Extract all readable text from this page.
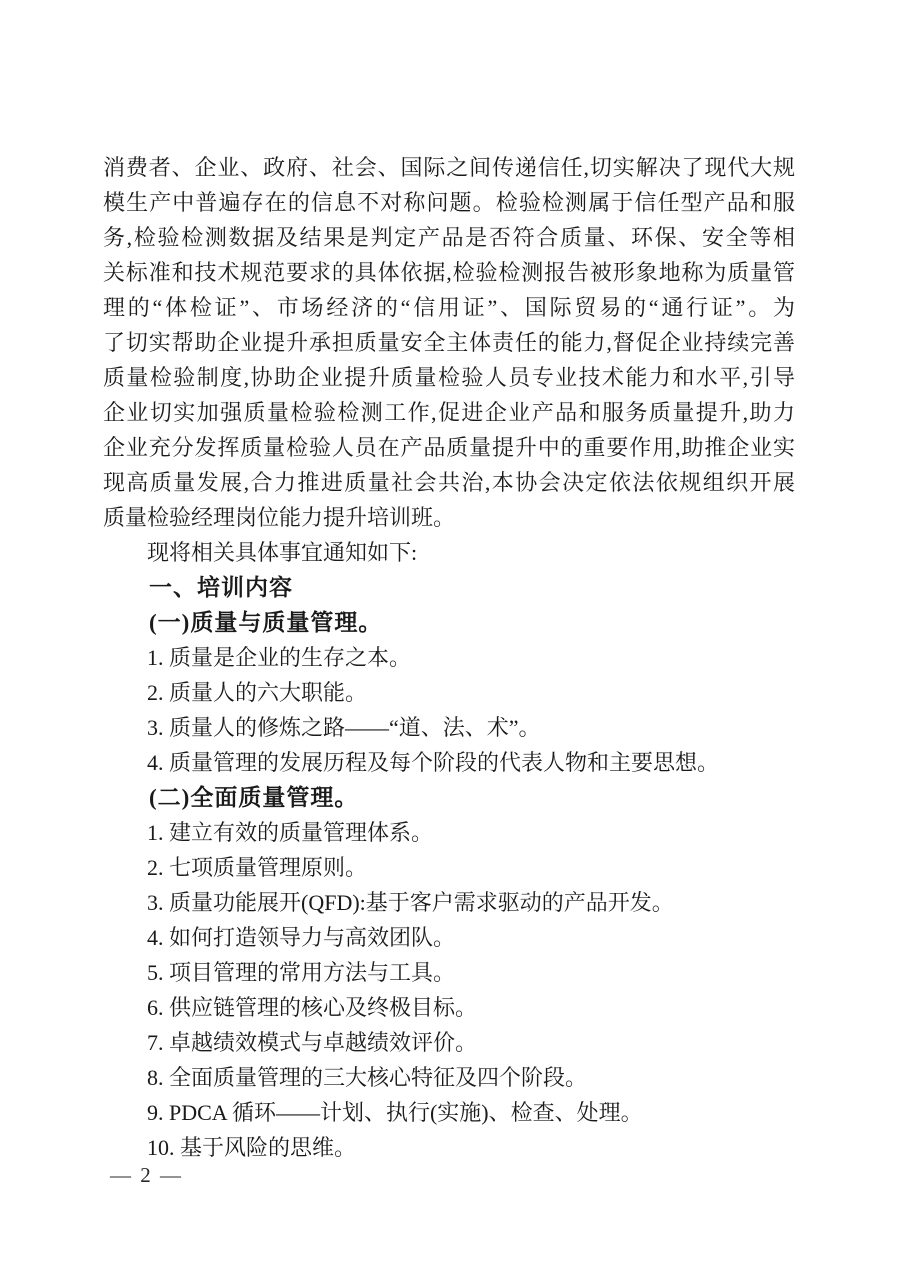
消费者、企业、政府、社会、国际之间传递信任,切实解决了现代大规
模生产中普遍存在的信息不对称问题。检验检测属于信任型产品和服
务,检验检测数据及结果是判定产品是否符合质量、环保、安全等相
关标准和技术规范要求的具体依据,检验检测报告被形象地称为质量管
理的“体检证”、市场经济的“信用证”、国际贸易的“通行证”。为
了切实帮助企业提升承担质量安全主体责任的能力,督促企业持续完善
质量检验制度,协助企业提升质量检验人员专业技术能力和水平,引导
企业切实加强质量检验检测工作,促进企业产品和服务质量提升,助力
企业充分发挥质量检验人员在产品质量提升中的重要作用,助推企业实
现高质量发展,合力推进质量社会共治,本协会决定依法依规组织开展
质量检验经理岗位能力提升培训班。
现将相关具体事宜通知如下:
一、培训内容
(一)质量与质量管理。
1. 质量是企业的生存之本。
2. 质量人的六大职能。
3. 质量人的修炼之路——“道、法、术”。
4. 质量管理的发展历程及每个阶段的代表人物和主要思想。
(二)全面质量管理。
1. 建立有效的质量管理体系。
2. 七项质量管理原则。
3. 质量功能展开(QFD):基于客户需求驱动的产品开发。
4. 如何打造领导力与高效团队。
5. 项目管理的常用方法与工具。
6. 供应链管理的核心及终极目标。
7. 卓越绩效模式与卓越绩效评价。
8. 全面质量管理的三大核心特征及四个阶段。
9. PDCA 循环——计划、执行(实施)、检查、处理。
10. 基于风险的思维。
— 2 —
